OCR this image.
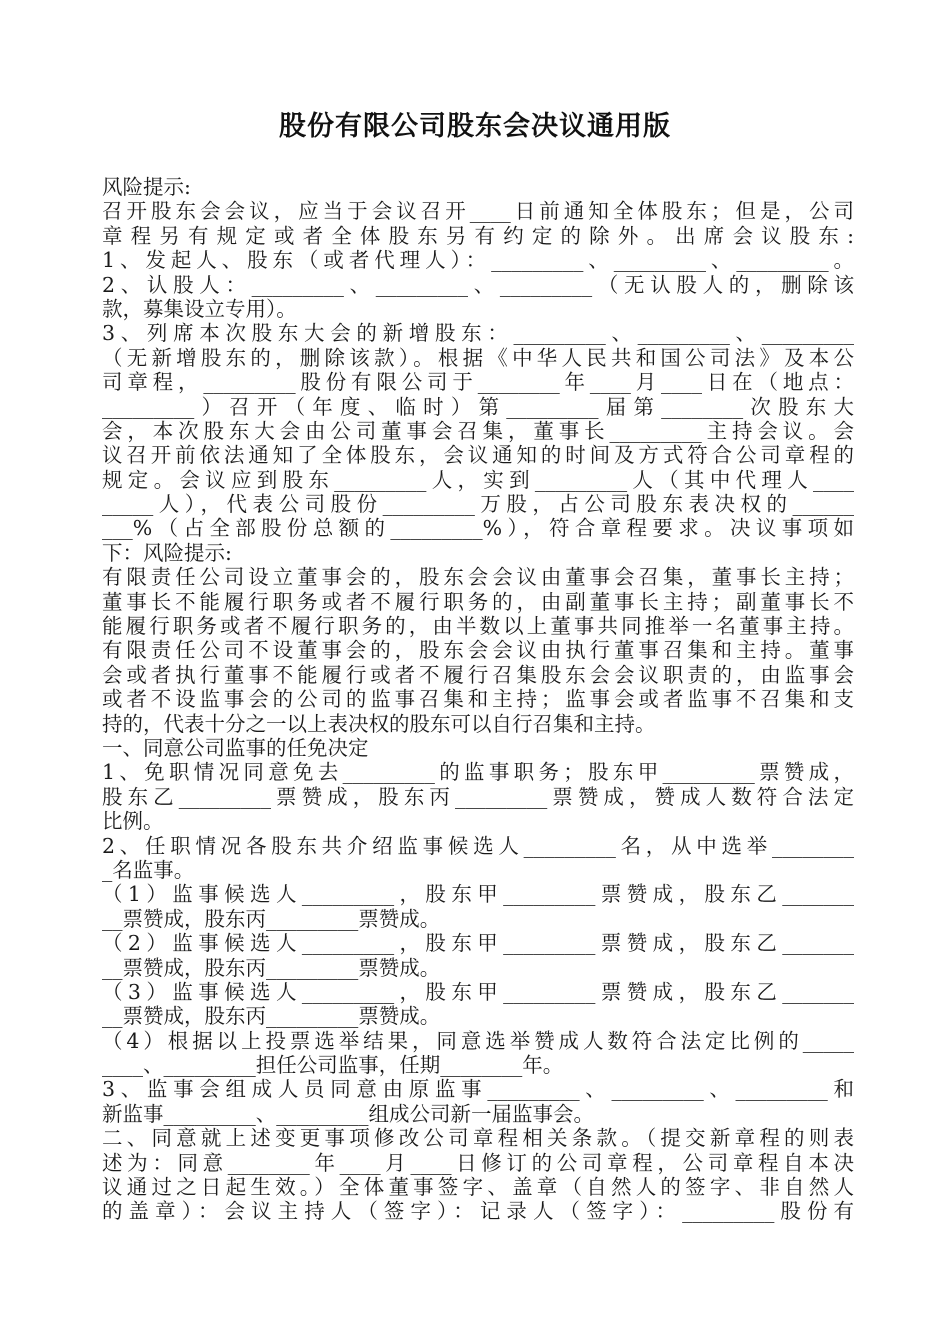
股份有限公司股东会决议通用版
风险提示:
召开股东会会议，应当于会议召开____日前通知全体股东；但是，公司
章程另有规定或者全体股东另有约定的除外。出席会议股东:
1、发起人、股东（或者代理人）：_________、_________、_________。
2、认股人：_________、_________、_________（无认股人的，删除该
款，募集设立专用）。
3、列席本次股东大会的新增股东：_________、_________、_________
（无新增股东的，删除该款）。根据《中华人民共和国公司法》及本公
司章程，_________股份有限公司于________年____月____日在（地点：
_________）召开（年度、临时）第_________届第________次股东大
会，本次股东大会由公司董事会召集，董事长_________主持会议。会
议召开前依法通知了全体股东，会议通知的时间及方式符合公司章程的
规定。会议应到股东_________人，实到_________人（其中代理人____
_____人），代表公司股份_________万股，占公司股东表决权的______
___%（占全部股份总额的_________%），符合章程要求。决议事项如
下：风险提示:
有限责任公司设立董事会的，股东会会议由董事会召集，董事长主持；
董事长不能履行职务或者不履行职务的，由副董事长主持；副董事长不
能履行职务或者不履行职务的，由半数以上董事共同推举一名董事主持。
有限责任公司不设董事会的，股东会会议由执行董事召集和主持。董事
会或者执行董事不能履行或者不履行召集股东会会议职责的，由监事会
或者不设监事会的公司的监事召集和主持；监事会或者监事不召集和支
持的，代表十分之一以上表决权的股东可以自行召集和主持。
一、同意公司监事的任免决定
1、免职情况同意免去_________的监事职务；股东甲_________票赞成，
股东乙_________票赞成，股东丙_________票赞成，赞成人数符合法定
比例。
2、任职情况各股东共介绍监事候选人_________名，从中选举________
_名监事。
（1）监事候选人_________，股东甲_________票赞成，股东乙_______
__票赞成，股东丙_________票赞成。
（2）监事候选人_________，股东甲_________票赞成，股东乙_______
__票赞成，股东丙_________票赞成。
（3）监事候选人_________，股东甲_________票赞成，股东乙_______
__票赞成，股东丙_________票赞成。
（4）根据以上投票选举结果，同意选举赞成人数符合法定比例的_____
____、_________担任公司监事，任期________年。
3、监事会组成人员同意由原监事_________、_________、_________和
新监事_________、_________组成公司新一届监事会。
二、同意就上述变更事项修改公司章程相关条款。（提交新章程的则表
述为：同意________年____月____日修订的公司章程，公司章程自本决
议通过之日起生效。）全体董事签字、盖章（自然人的签字、非自然人
的盖章）：会议主持人（签字）：记录人（签字）：_________股份有
